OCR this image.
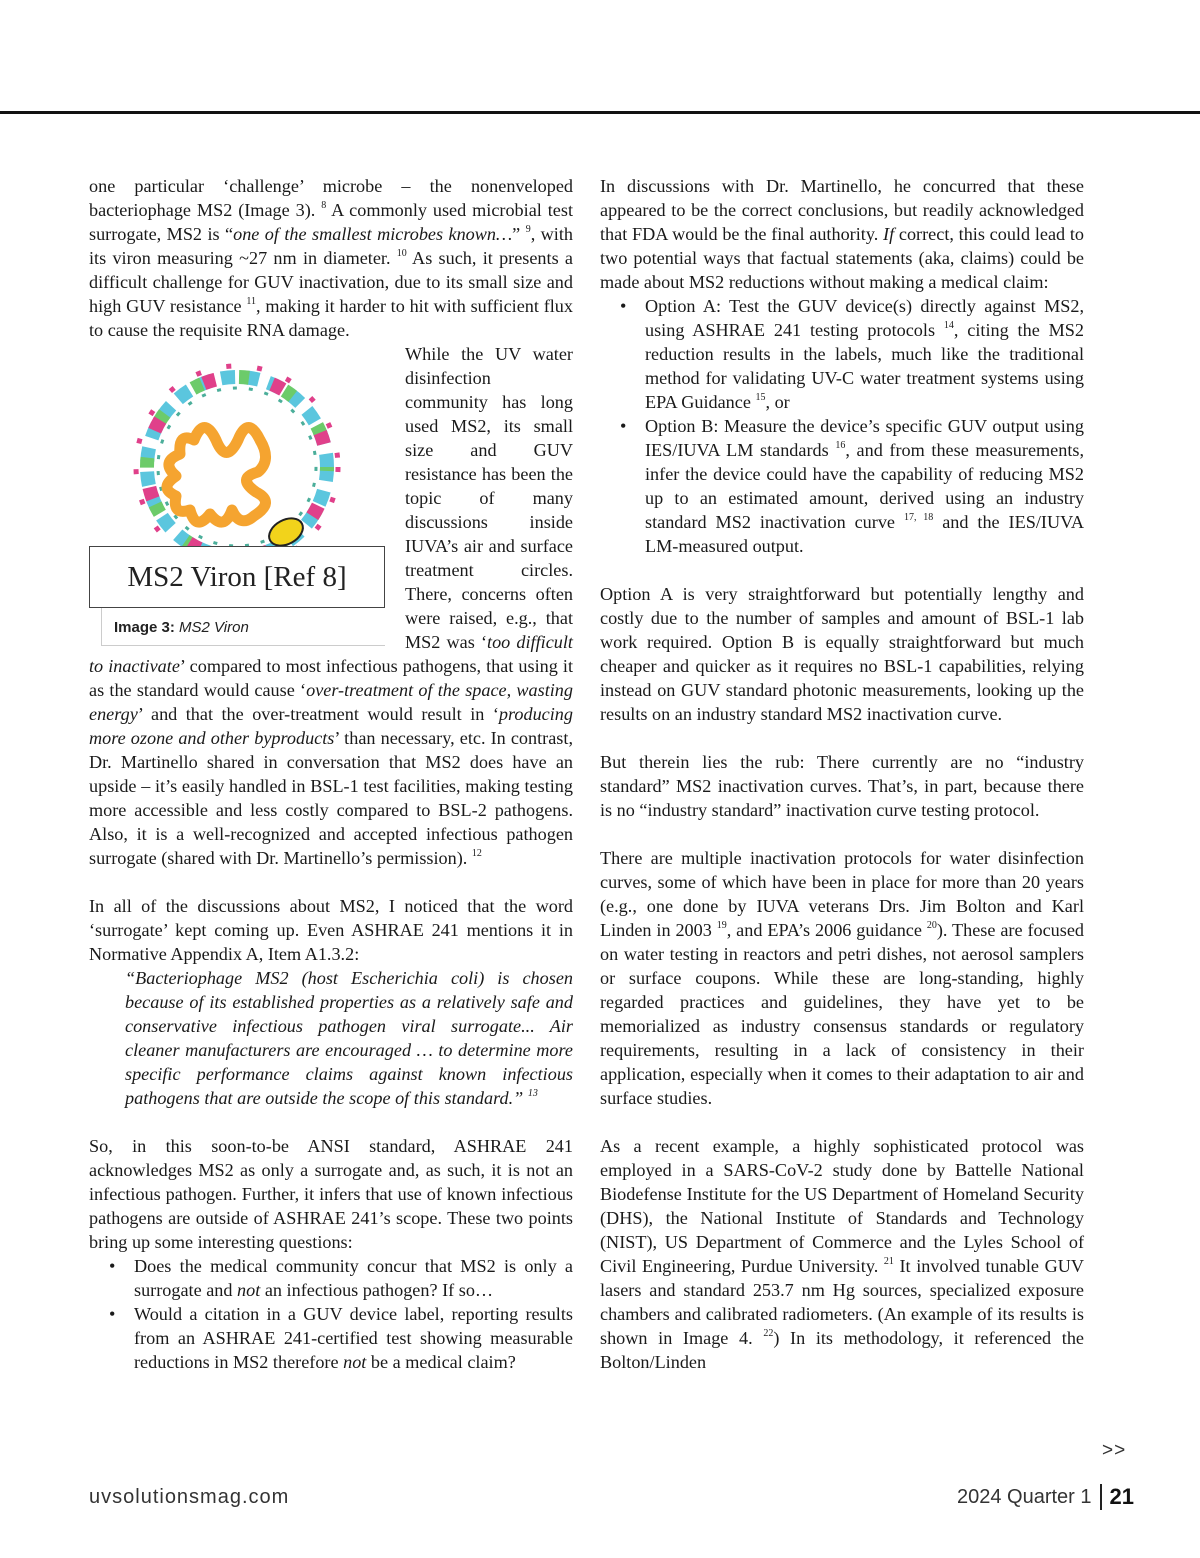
one particular ‘challenge’ microbe – the nonenveloped bacteriophage MS2 (Image 3). $^8$ A commonly used microbial test surrogate, MS2 is “one of the smallest microbes known…” $^9$, with its viron measuring ~27 nm in diameter. $^{10}$ As such, it presents a difficult challenge for GUV inactivation, due to its small size and high GUV resistance $^{11}$, making it harder to hit with sufficient flux to cause the requisite RNA damage.

MS2 Viron [Ref 8]
Image 3: MS2 Viron

While the UV water disinfection community has long used MS2, its small size and GUV resistance has been the topic of many discussions inside IUVA’s air and surface treatment circles. There, concerns often were raised, e.g., that MS2 was ‘too difficult to inactivate’ compared to most infectious pathogens, that using it as the standard would cause ‘over-treatment of the space, wasting energy’ and that the over-treatment would result in ‘producing more ozone and other byproducts’ than necessary, etc. In contrast, Dr. Martinello shared in conversation that MS2 does have an upside – it’s easily handled in BSL-1 test facilities, making testing more accessible and less costly compared to BSL-2 pathogens. Also, it is a well-recognized and accepted infectious pathogen surrogate (shared with Dr. Martinello’s permission). $^{12}$

In all of the discussions about MS2, I noticed that the word ‘surrogate’ kept coming up. Even ASHRAE 241 mentions it in Normative Appendix A, Item A1.3.2:

“Bacteriophage MS2 (host Escherichia coli) is chosen because of its established properties as a relatively safe and conservative infectious pathogen viral surrogate... Air cleaner manufacturers are encouraged … to determine more specific performance claims against known infectious pathogens that are outside the scope of this standard.” $^{13}$

So, in this soon-to-be ANSI standard, ASHRAE 241 acknowledges MS2 as only a surrogate and, as such, it is not an infectious pathogen. Further, it infers that use of known infectious pathogens are outside of ASHRAE 241’s scope. These two points bring up some interesting questions:

• Does the medical community concur that MS2 is only a surrogate and not an infectious pathogen? If so…
• Would a citation in a GUV device label, reporting results from an ASHRAE 241-certified test showing measurable reductions in MS2 therefore not be a medical claim?

In discussions with Dr. Martinello, he concurred that these appeared to be the correct conclusions, but readily acknowledged that FDA would be the final authority. If correct, this could lead to two potential ways that factual statements (aka, claims) could be made about MS2 reductions without making a medical claim:

• Option A: Test the GUV device(s) directly against MS2, using ASHRAE 241 testing protocols $^{14}$, citing the MS2 reduction results in the labels, much like the traditional method for validating UV-C water treatment systems using EPA Guidance $^{15}$, or
• Option B: Measure the device’s specific GUV output using IES/IUVA LM standards $^{16}$, and from these measurements, infer the device could have the capability of reducing MS2 up to an estimated amount, derived using an industry standard MS2 inactivation curve $^{17, 18}$ and the IES/IUVA LM-measured output.

Option A is very straightforward but potentially lengthy and costly due to the number of samples and amount of BSL-1 lab work required. Option B is equally straightforward but much cheaper and quicker as it requires no BSL-1 capabilities, relying instead on GUV standard photonic measurements, looking up the results on an industry standard MS2 inactivation curve.

But therein lies the rub: There currently are no “industry standard” MS2 inactivation curves. That’s, in part, because there is no “industry standard” inactivation curve testing protocol.

There are multiple inactivation protocols for water disinfection curves, some of which have been in place for more than 20 years (e.g., one done by IUVA veterans Drs. Jim Bolton and Karl Linden in 2003 $^{19}$, and EPA’s 2006 guidance $^{20}$). These are focused on water testing in reactors and petri dishes, not aerosol samplers or surface coupons. While these are long-standing, highly regarded practices and guidelines, they have yet to be memorialized as industry consensus standards or regulatory requirements, resulting in a lack of consistency in their application, especially when it comes to their adaptation to air and surface studies.

As a recent example, a highly sophisticated protocol was employed in a SARS-CoV-2 study done by Battelle National Biodefense Institute for the US Department of Homeland Security (DHS), the National Institute of Standards and Technology (NIST), US Department of Commerce and the Lyles School of Civil Engineering, Purdue University. $^{21}$ It involved tunable GUV lasers and standard 253.7 nm Hg sources, specialized exposure chambers and calibrated radiometers. (An example of its results is shown in Image 4. $^{22}$) In its methodology, it referenced the Bolton/Linden

>>
uvsolutionsmag.com	2024 Quarter 1 21
